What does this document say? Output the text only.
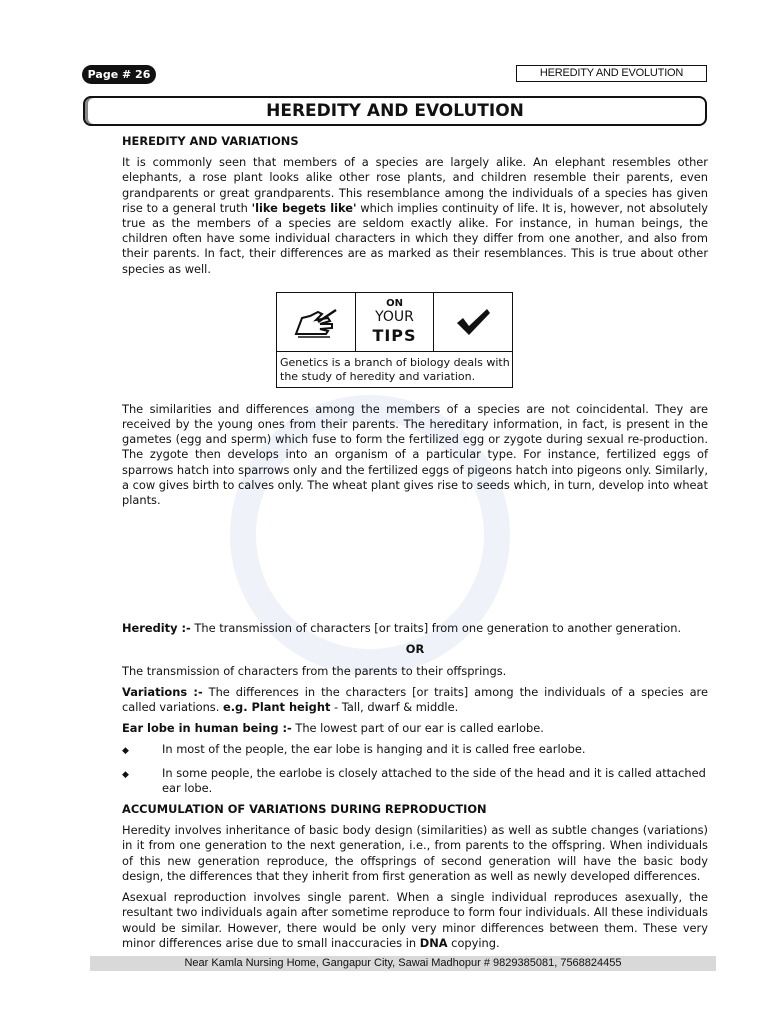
Page # 26	HEREDITY AND EVOLUTION
HEREDITY AND EVOLUTION
HEREDITY AND VARIATIONS

It is commonly seen that members of a species are largely alike. An elephant resembles other elephants, a rose plant looks alike other rose plants, and children resemble their parents, even grandparents or great grandparents. This resemblance among the individuals of a species has given rise to a general truth 'like begets like' which implies continuity of life. It is, however, not absolutely true as the members of a species are seldom exactly alike. For instance, in human beings, the children often have some individual characters in which they differ from one another, and also from their parents. In fact, their differences are as marked as their resemblances. This is true about other species as well.

ON
YOUR
TIPS
Genetics is a branch of biology deals with the study of heredity and variation.

The similarities and differences among the members of a species are not coincidental. They are received by the young ones from their parents. The hereditary information, in fact, is present in the gametes (egg and sperm) which fuse to form the fertilized egg or zygote during sexual re-production. The zygote then develops into an organism of a particular type. For instance, fertilized eggs of sparrows hatch into sparrows only and the fertilized eggs of pigeons hatch into pigeons only. Similarly, a cow gives birth to calves only. The wheat plant gives rise to seeds which, in turn, develop into wheat plants.

Heredity :- The transmission of characters [or traits] from one generation to another generation.

OR

The transmission of characters from the parents to their offsprings.

Variations :- The differences in the characters [or traits] among the individuals of a species are called variations. e.g. Plant height - Tall, dwarf & middle.

Ear lobe in human being :- The lowest part of our ear is called earlobe.

◆	In most of the people, the ear lobe is hanging and it is called free earlobe.
◆	In some people, the earlobe is closely attached to the side of the head and it is called attached ear lobe.
ACCUMULATION OF VARIATIONS DURING REPRODUCTION

Heredity involves inheritance of basic body design (similarities) as well as subtle changes (variations) in it from one generation to the next generation, i.e., from parents to the offspring. When individuals of this new generation reproduce, the offsprings of second generation will have the basic body design, the differences that they inherit from first generation as well as newly developed differences.

Asexual reproduction involves single parent. When a single individual reproduces asexually, the resultant two individuals again after sometime reproduce to form four individuals. All these individuals would be similar. However, there would be only very minor differences between them. These very minor differences arise due to small inaccuracies in DNA copying.

Near Kamla Nursing Home, Gangapur City, Sawai Madhopur # 9829385081, 7568824455
